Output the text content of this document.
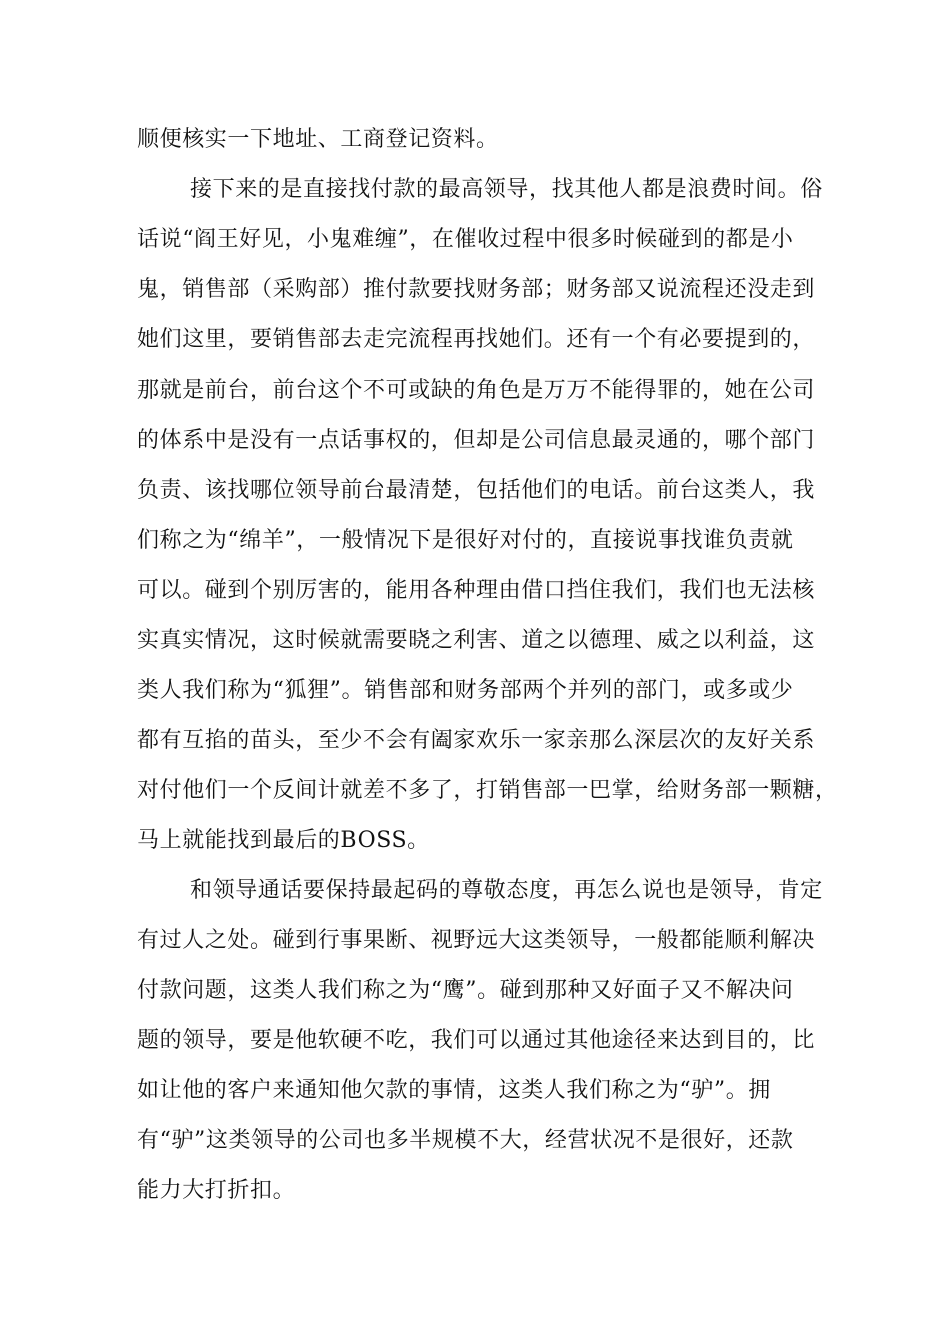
顺便核实一下地址、工商登记资料。
接下来的是直接找付款的最高领导，找其他人都是浪费时间。俗
话说“阎王好见，小鬼难缠”，在催收过程中很多时候碰到的都是小
鬼，销售部（采购部）推付款要找财务部；财务部又说流程还没走到
她们这里，要销售部去走完流程再找她们。还有一个有必要提到的，
那就是前台，前台这个不可或缺的角色是万万不能得罪的，她在公司
的体系中是没有一点话事权的，但却是公司信息最灵通的，哪个部门
负责、该找哪位领导前台最清楚，包括他们的电话。前台这类人，我
们称之为“绵羊”，一般情况下是很好对付的，直接说事找谁负责就
可以。碰到个别厉害的，能用各种理由借口挡住我们，我们也无法核
实真实情况，这时候就需要晓之利害、道之以德理、威之以利益，这
类人我们称为“狐狸”。销售部和财务部两个并列的部门，或多或少
都有互掐的苗头，至少不会有阖家欢乐一家亲那么深层次的友好关系
对付他们一个反间计就差不多了，打销售部一巴掌，给财务部一颗糖，
马上就能找到最后的BOSS。
和领导通话要保持最起码的尊敬态度，再怎么说也是领导，肯定
有过人之处。碰到行事果断、视野远大这类领导，一般都能顺利解决
付款问题，这类人我们称之为“鹰”。碰到那种又好面子又不解决问
题的领导，要是他软硬不吃，我们可以通过其他途径来达到目的，比
如让他的客户来通知他欠款的事情，这类人我们称之为“驴”。拥
有“驴”这类领导的公司也多半规模不大，经营状况不是很好，还款
能力大打折扣。
